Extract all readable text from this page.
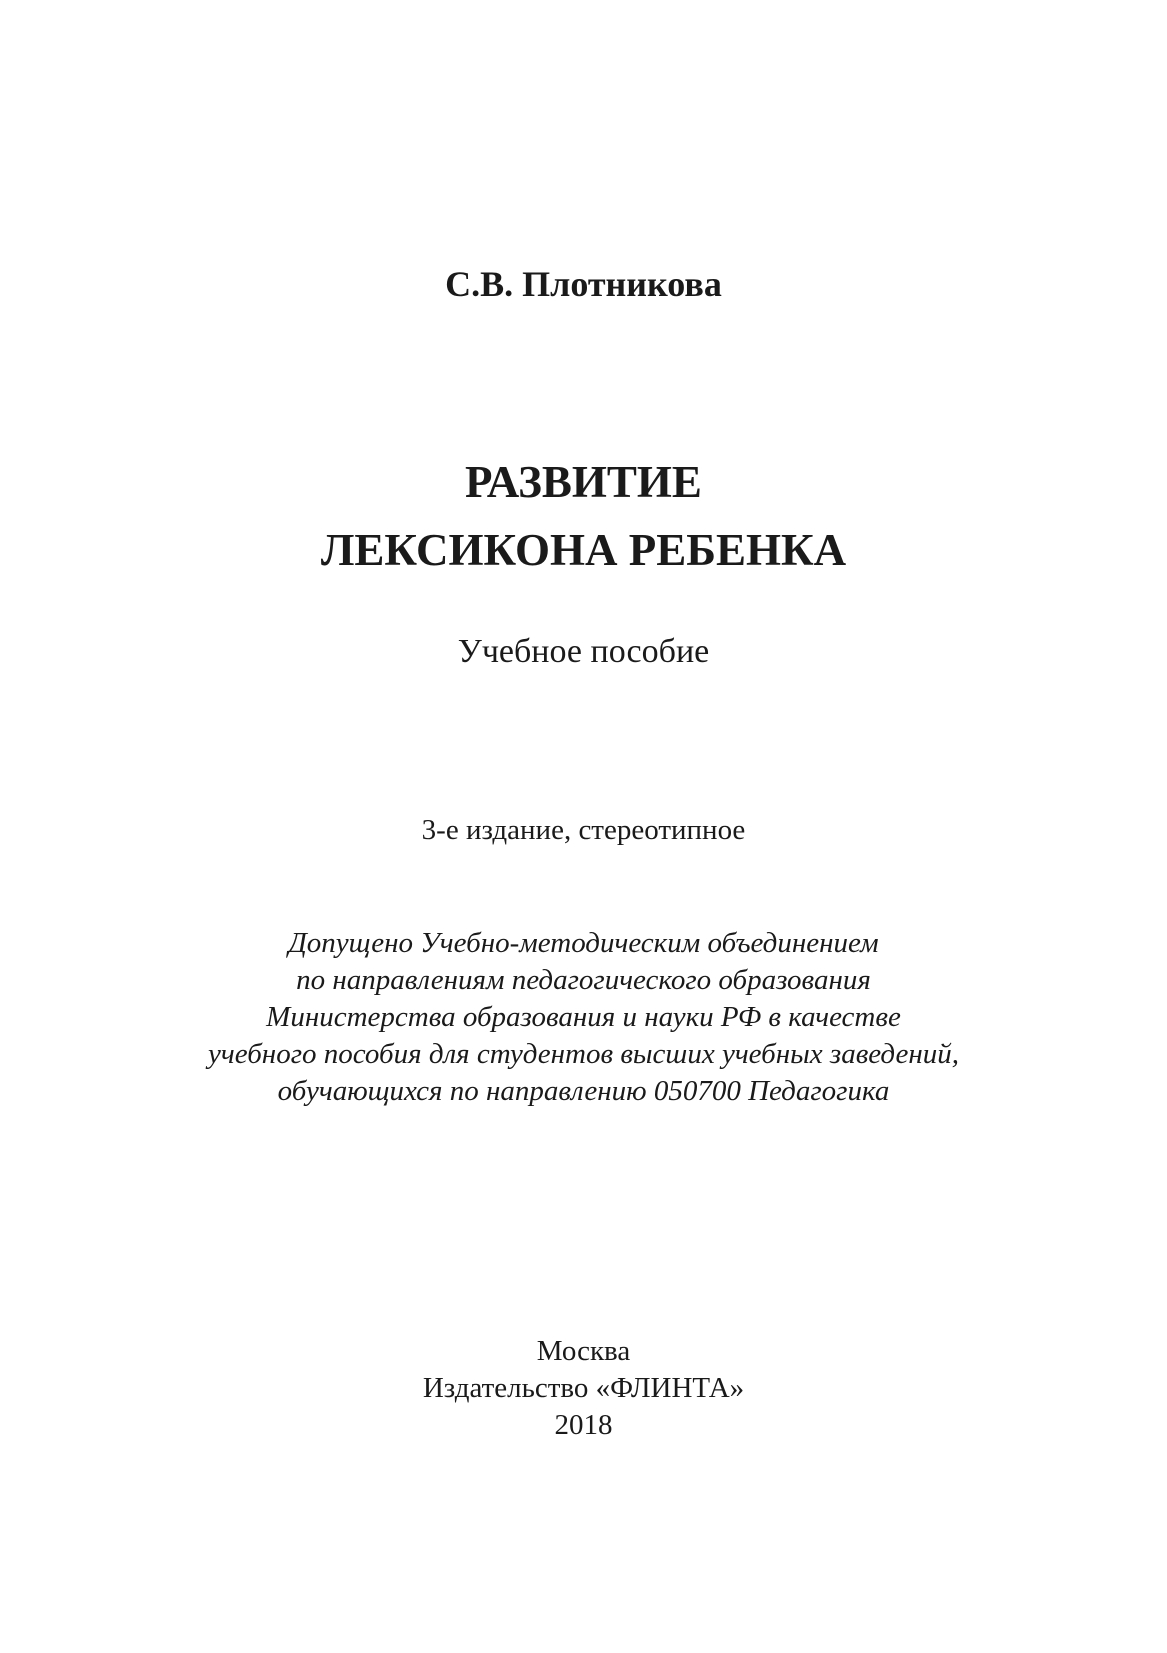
С.В. Плотникова
РАЗВИТИЕ
ЛЕКСИКОНА РЕБЕНКА
Учебное пособие
3-е издание, стереотипное
Допущено Учебно-методическим объединением
по направлениям педагогического образования
Министерства образования и науки РФ в качестве
учебного пособия для студентов высших учебных заведений,
обучающихся по направлению 050700 Педагогика
Москва
Издательство «ФЛИНТА»
2018
